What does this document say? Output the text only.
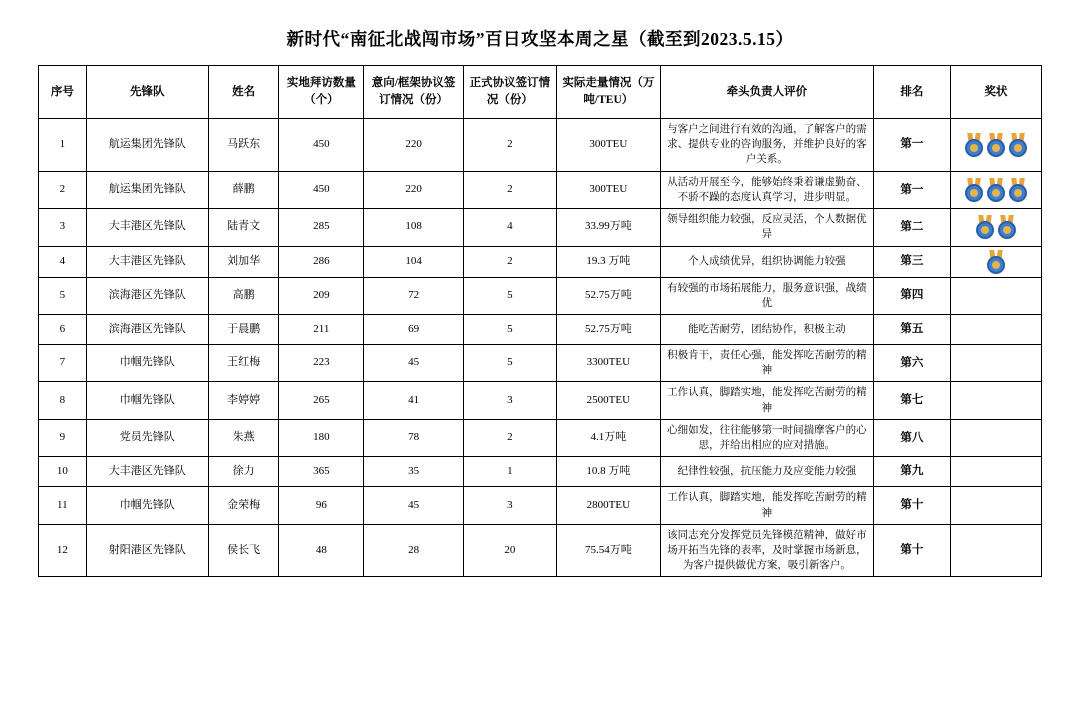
新时代“南征北战闯市场”百日攻坚本周之星（截至到2023.5.15）
序号	先锋队	姓名	实地拜访数量（个）	意向/框架协议签订情况（份）	正式协议签订情况（份）	实际走量情况（万吨/TEU）	牵头负责人评价	排名	奖状
1	航运集团先锋队	马跃东	450	220	2	300TEU	与客户之间进行有效的沟通，了解客户的需求、提供专业的咨询服务，并维护良好的客户关系。	第一	

2	航运集团先锋队	薛鹏	450	220	2	300TEU	从活动开展至今，能够始终秉着谦虚勤奋、不骄不躁的态度认真学习，进步明显。	第一	

3	大丰港区先锋队	陆青文	285	108	4	33.99万吨	领导组织能力较强，反应灵活，个人数据优异	第二	

4	大丰港区先锋队	刘加华	286	104	2	19.3 万吨	个人成绩优异，组织协调能力较强	第三	

5	滨海港区先锋队	高鹏	209	72	5	52.75万吨	有较强的市场拓展能力，服务意识强，战绩优	第四	

6	滨海港区先锋队	于晨鹏	211	69	5	52.75万吨	能吃苦耐劳，团结协作，积极主动	第五	

7	巾帼先锋队	王红梅	223	45	5	3300TEU	积极肯干，责任心强，能发挥吃苦耐劳的精神	第六	

8	巾帼先锋队	李婷婷	265	41	3	2500TEU	工作认真，脚踏实地，能发挥吃苦耐劳的精神	第七	

9	党员先锋队	朱燕	180	78	2	4.1万吨	心细如发，往往能够第一时间揣摩客户的心思，并给出相应的应对措施。	第八	

10	大丰港区先锋队	徐力	365	35	1	10.8 万吨	纪律性较强，抗压能力及应变能力较强	第九	

11	巾帼先锋队	金荣梅	96	45	3	2800TEU	工作认真，脚踏实地，能发挥吃苦耐劳的精神	第十	

12	射阳港区先锋队	侯长飞	48	28	20	75.54万吨	该同志充分发挥党员先锋模范精神，做好市场开拓当先锋的表率，及时掌握市场新息，为客户提供做优方案，吸引新客户。	第十	
